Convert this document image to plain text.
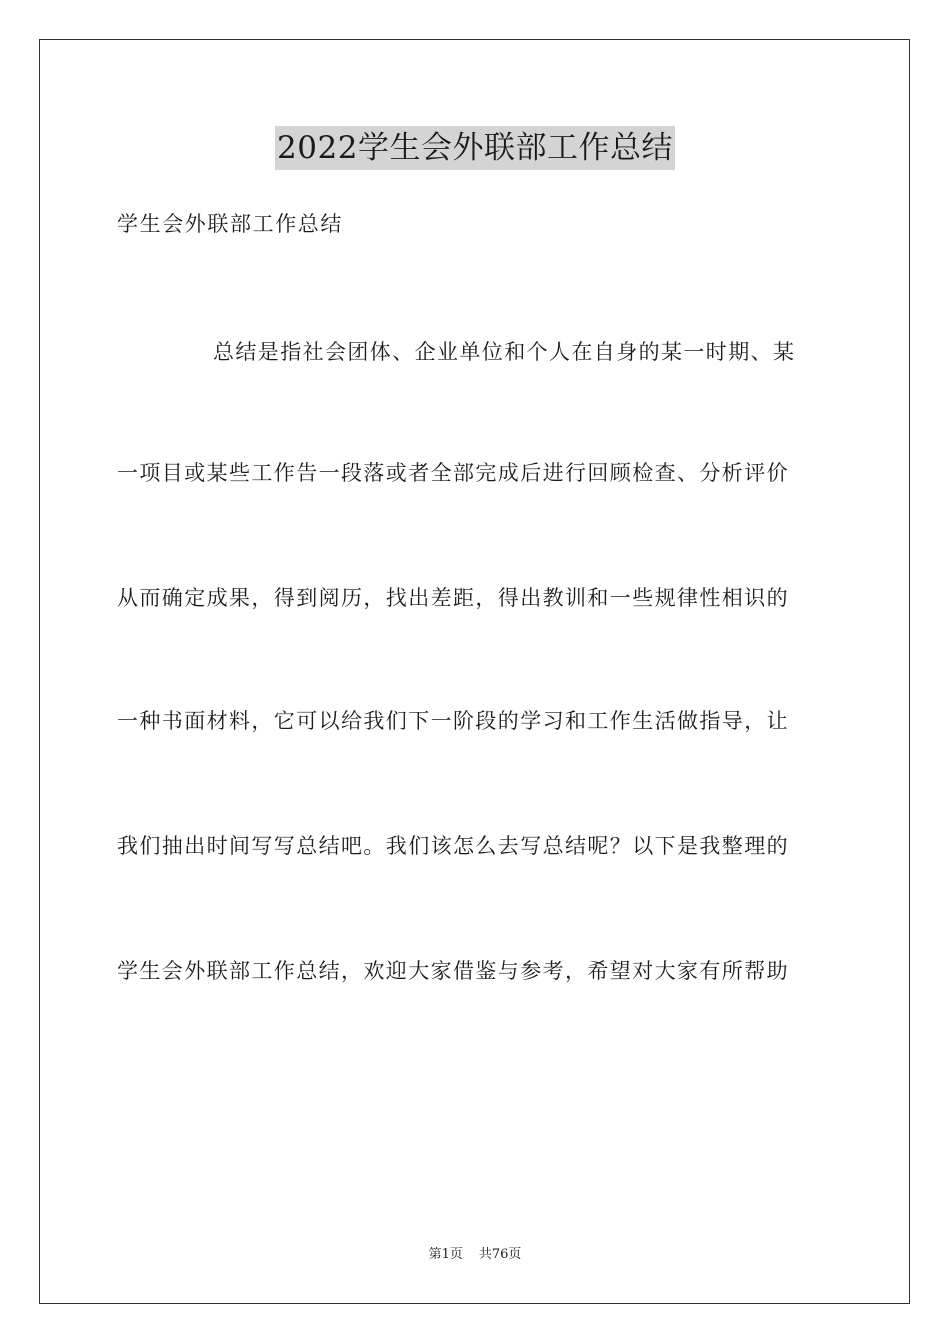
2022学生会外联部工作总结
学生会外联部工作总结
总结是指社会团体、企业单位和个人在自身的某一时期、某
一项目或某些工作告一段落或者全部完成后进行回顾检查、分析评价
从而确定成果，得到阅历，找出差距，得出教训和一些规律性相识的
一种书面材料，它可以给我们下一阶段的学习和工作生活做指导，让
我们抽出时间写写总结吧。我们该怎么去写总结呢？以下是我整理的
学生会外联部工作总结，欢迎大家借鉴与参考，希望对大家有所帮助
第1页 共76页
